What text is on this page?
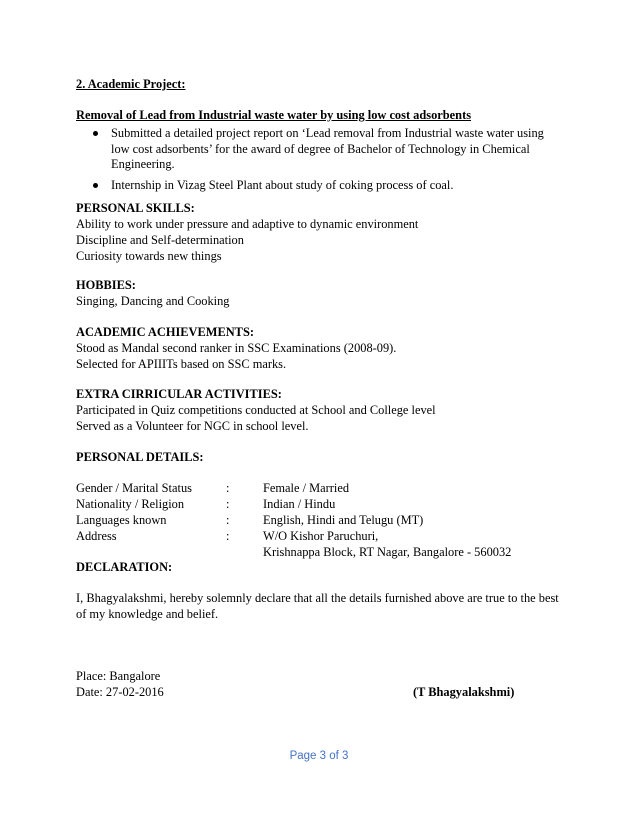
2. Academic Project:
Removal of Lead from Industrial waste water by using low cost adsorbents
Submitted a detailed project report on ‘Lead removal from Industrial waste water using low cost adsorbents’ for the award of degree of Bachelor of Technology in Chemical Engineering.
Internship in Vizag Steel Plant about study of coking process of coal.
PERSONAL SKILLS:
Ability to work under pressure and adaptive to dynamic environment
Discipline and Self-determination
Curiosity towards new things
HOBBIES:
Singing, Dancing and Cooking
ACADEMIC ACHIEVEMENTS:
Stood as Mandal second ranker in SSC Examinations (2008-09).
Selected for APIIITs based on SSC marks.
EXTRA CIRRICULAR ACTIVITIES:
Participated in Quiz competitions conducted at School and College level
Served as a Volunteer for NGC in school level.
PERSONAL DETAILS:
Gender / Marital Status	:	Female / Married
Nationality / Religion	:	Indian / Hindu
Languages known	:	English, Hindi and Telugu (MT)
Address	:	W/O Kishor Paruchuri,
Krishnappa Block, RT Nagar, Bangalore - 560032
DECLARATION:
I, Bhagyalakshmi, hereby solemnly declare that all the details furnished above are true to the best
of my knowledge and belief.
Place: Bangalore
Date: 27-02-2016	(T Bhagyalakshmi)
Page 3 of 3
